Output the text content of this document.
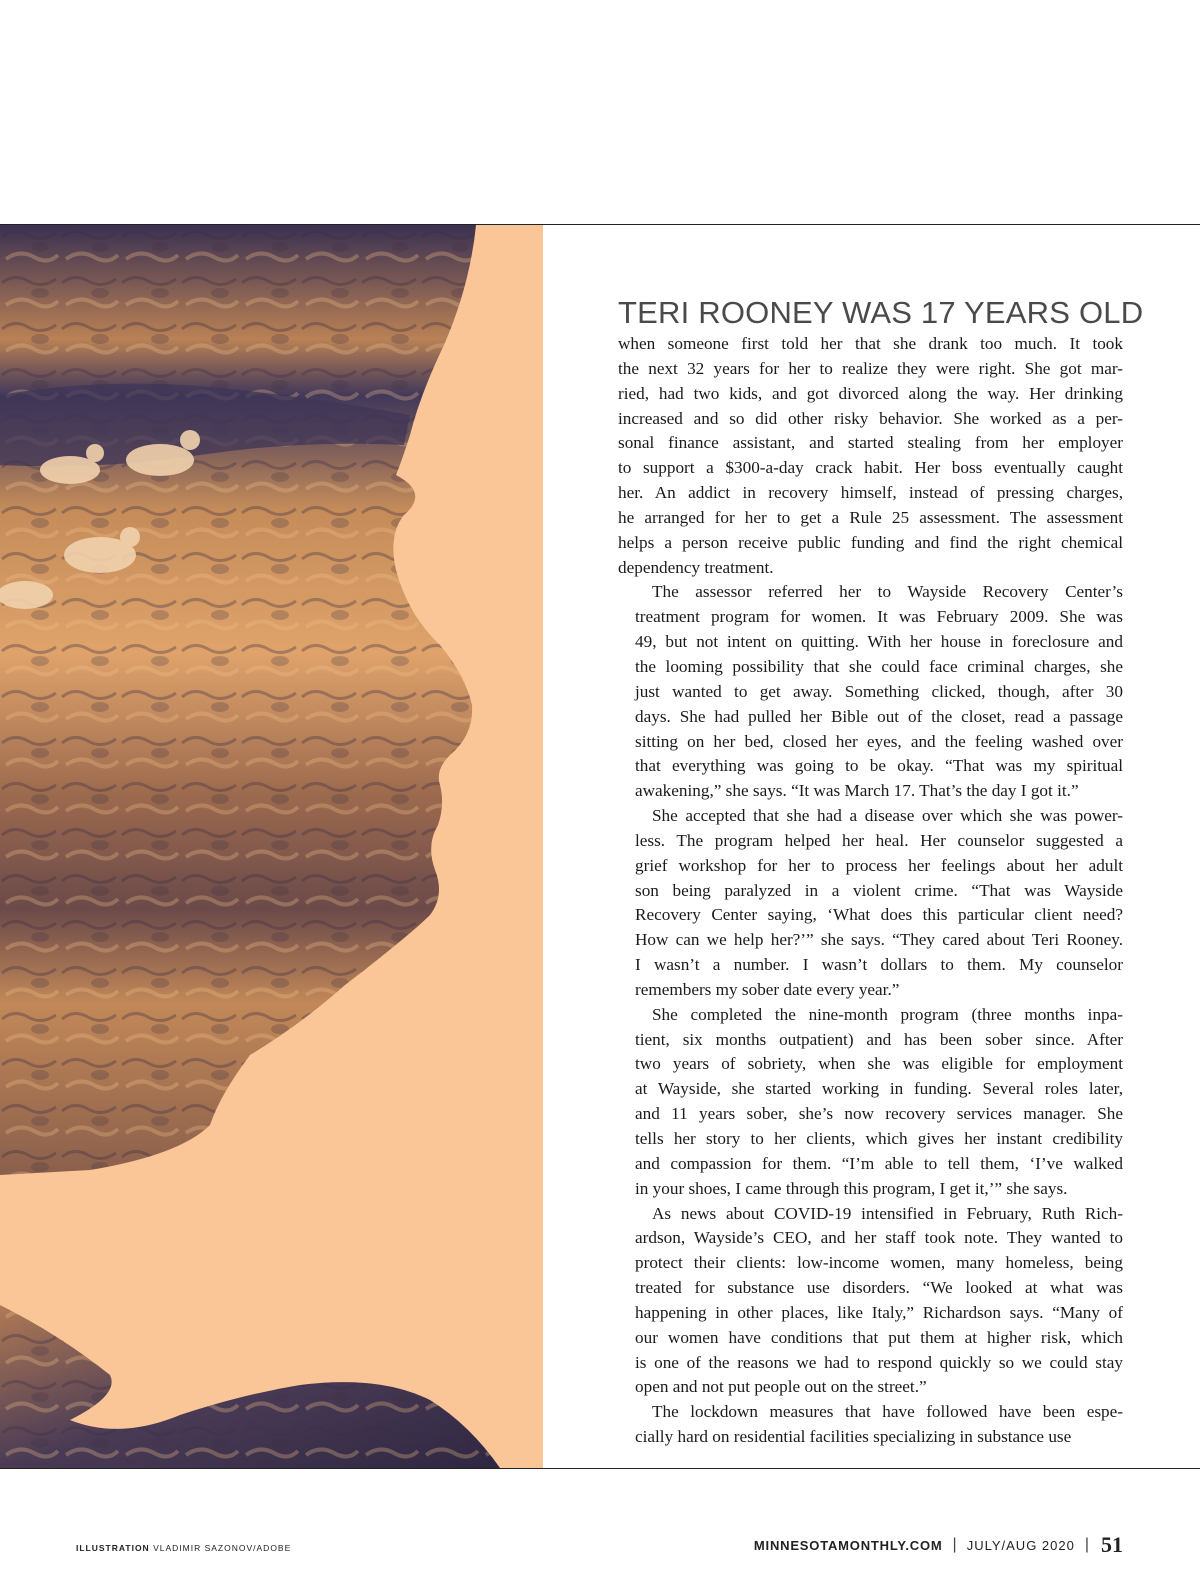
TERI ROONEY WAS 17 YEARS OLD

when someone first told her that she drank too much. It took
the next 32 years for her to realize they were right. She got mar-
ried, had two kids, and got divorced along the way. Her drinking
increased and so did other risky behavior. She worked as a per-
sonal finance assistant, and started stealing from her employer
to support a $300-a-day crack habit. Her boss eventually caught
her. An addict in recovery himself, instead of pressing charges,
he arranged for her to get a Rule 25 assessment. The assessment
helps a person receive public funding and find the right chemical
dependency treatment.

The assessor referred her to Wayside Recovery Center’s
treatment program for women. It was February 2009. She was
49, but not intent on quitting. With her house in foreclosure and
the looming possibility that she could face criminal charges, she
just wanted to get away. Something clicked, though, after 30
days. She had pulled her Bible out of the closet, read a passage
sitting on her bed, closed her eyes, and the feeling washed over
that everything was going to be okay. “That was my spiritual
awakening,” she says. “It was March 17. That’s the day I got it.”

She accepted that she had a disease over which she was power-
less. The program helped her heal. Her counselor suggested a
grief workshop for her to process her feelings about her adult
son being paralyzed in a violent crime. “That was Wayside
Recovery Center saying, ‘What does this particular client need?
How can we help her?’” she says. “They cared about Teri Rooney.
I wasn’t a number. I wasn’t dollars to them. My counselor
remembers my sober date every year.”

She completed the nine-month program (three months inpa-
tient, six months outpatient) and has been sober since. After
two years of sobriety, when she was eligible for employment
at Wayside, she started working in funding. Several roles later,
and 11 years sober, she’s now recovery services manager. She
tells her story to her clients, which gives her instant credibility
and compassion for them. “I’m able to tell them, ‘I’ve walked
in your shoes, I came through this program, I get it,’” she says.

As news about COVID-19 intensified in February, Ruth Rich-
ardson, Wayside’s CEO, and her staff took note. They wanted to
protect their clients: low-income women, many homeless, being
treated for substance use disorders. “We looked at what was
happening in other places, like Italy,” Richardson says. “Many of
our women have conditions that put them at higher risk, which
is one of the reasons we had to respond quickly so we could stay
open and not put people out on the street.”

The lockdown measures that have followed have been espe-
cially hard on residential facilities specializing in substance use

ILLUSTRATION VLADIMIR SAZONOV/ADOBE	MINNESOTAMONTHLY.COM | JULY/AUG 2020 | 51
